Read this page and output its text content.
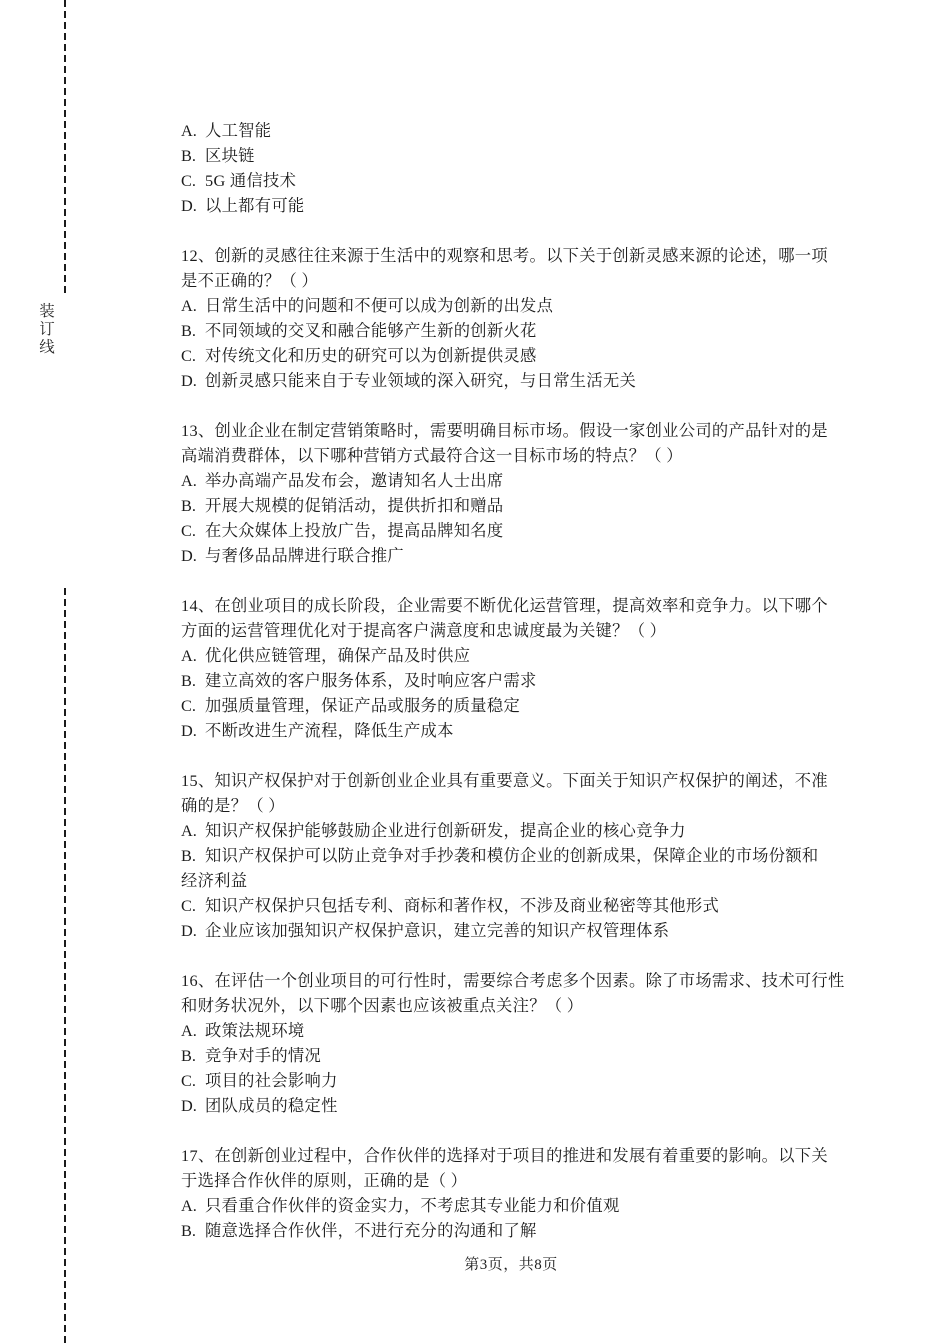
装订线
A. 人工智能
B. 区块链
C. 5G 通信技术
D. 以上都有可能
12、创新的灵感往往来源于生活中的观察和思考。以下关于创新灵感来源的论述，哪一项
是不正确的？（ ）
A. 日常生活中的问题和不便可以成为创新的出发点
B. 不同领域的交叉和融合能够产生新的创新火花
C. 对传统文化和历史的研究可以为创新提供灵感
D. 创新灵感只能来自于专业领域的深入研究，与日常生活无关
13、创业企业在制定营销策略时，需要明确目标市场。假设一家创业公司的产品针对的是
高端消费群体，以下哪种营销方式最符合这一目标市场的特点？（ ）
A. 举办高端产品发布会，邀请知名人士出席
B. 开展大规模的促销活动，提供折扣和赠品
C. 在大众媒体上投放广告，提高品牌知名度
D. 与奢侈品品牌进行联合推广
14、在创业项目的成长阶段，企业需要不断优化运营管理，提高效率和竞争力。以下哪个
方面的运营管理优化对于提高客户满意度和忠诚度最为关键？（ ）
A. 优化供应链管理，确保产品及时供应
B. 建立高效的客户服务体系，及时响应客户需求
C. 加强质量管理，保证产品或服务的质量稳定
D. 不断改进生产流程，降低生产成本
15、知识产权保护对于创新创业企业具有重要意义。下面关于知识产权保护的阐述，不准
确的是？（ ）
A. 知识产权保护能够鼓励企业进行创新研发，提高企业的核心竞争力
B. 知识产权保护可以防止竞争对手抄袭和模仿企业的创新成果，保障企业的市场份额和
经济利益
C. 知识产权保护只包括专利、商标和著作权，不涉及商业秘密等其他形式
D. 企业应该加强知识产权保护意识，建立完善的知识产权管理体系
16、在评估一个创业项目的可行性时，需要综合考虑多个因素。除了市场需求、技术可行性
和财务状况外，以下哪个因素也应该被重点关注？（ ）
A. 政策法规环境
B. 竞争对手的情况
C. 项目的社会影响力
D. 团队成员的稳定性
17、在创新创业过程中，合作伙伴的选择对于项目的推进和发展有着重要的影响。以下关
于选择合作伙伴的原则，正确的是（ ）
A. 只看重合作伙伴的资金实力，不考虑其专业能力和价值观
B. 随意选择合作伙伴，不进行充分的沟通和了解
第3页，共8页
